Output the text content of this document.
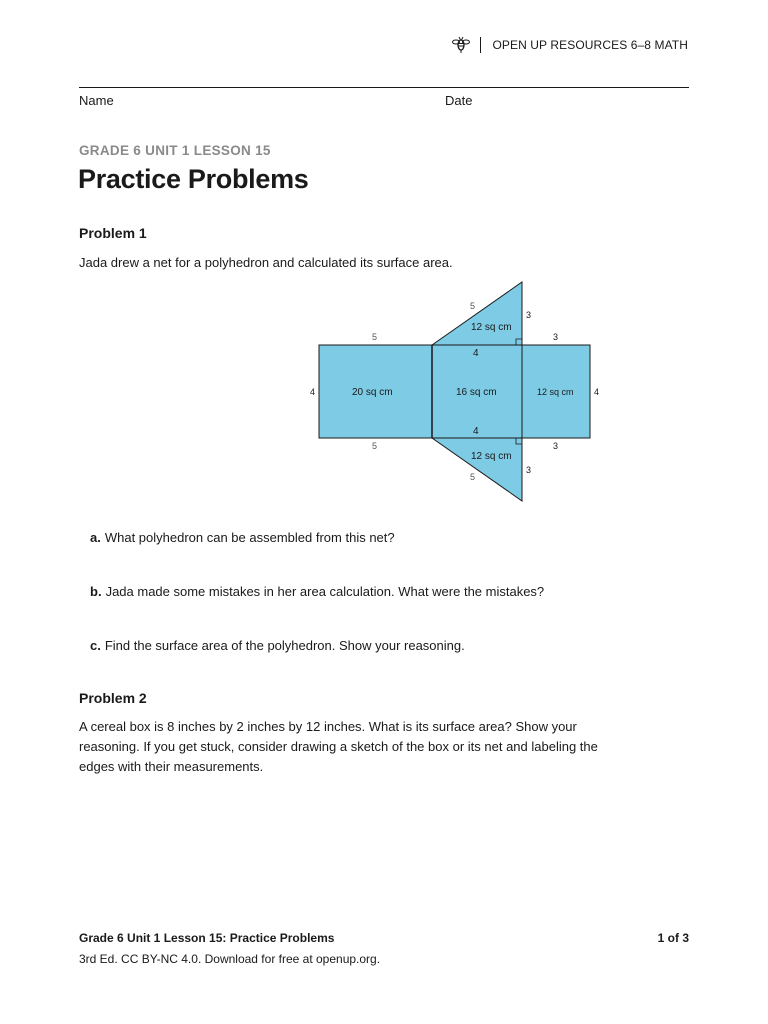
OPEN UP RESOURCES 6–8 MATH
Name	Date
GRADE 6 UNIT 1 LESSON 15
Practice Problems
Problem 1
Jada drew a net for a polyhedron and calculated its surface area.
5
3
12 sq cm
4
5
4	20 sq cm
5
16 sq cm
3
4
12 sq cm
3
4
12 sq cm
5
3
a. What polyhedron can be assembled from this net?
b. Jada made some mistakes in her area calculation. What were the mistakes?
c. Find the surface area of the polyhedron. Show your reasoning.
Problem 2
A cereal box is 8 inches by 2 inches by 12 inches. What is its surface area? Show your reasoning. If you get stuck, consider drawing a sketch of the box or its net and labeling the edges with their measurements.
Grade 6 Unit 1 Lesson 15: Practice Problems	1 of 3
3rd Ed. CC BY-NC 4.0. Download for free at openup.org.
